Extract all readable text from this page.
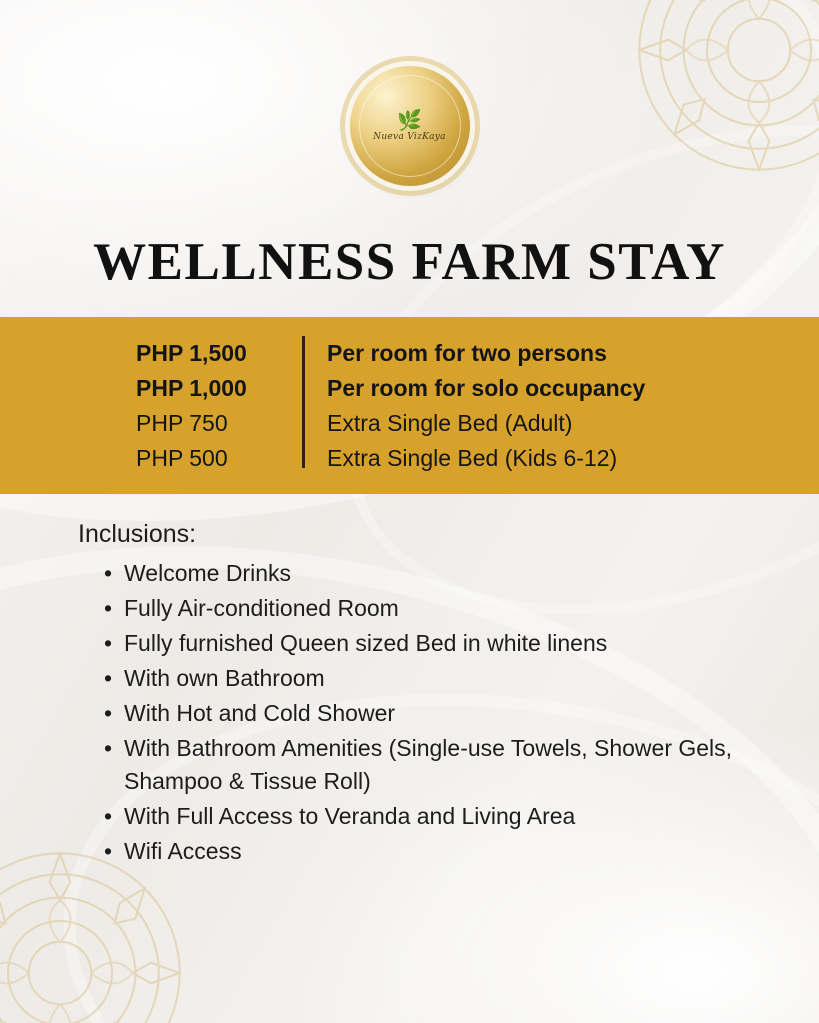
🌿
Nueva VizKaya
WELLNESS FARM STAY
PHP 1,500
PHP 1,000
PHP 750
PHP 500
Per room for two persons
Per room for solo occupancy
Extra Single Bed (Adult)
Extra Single Bed (Kids 6-12)
Inclusions:
• Welcome Drinks
• Fully Air-conditioned Room
• Fully furnished Queen sized Bed in white linens
• With own Bathroom
• With Hot and Cold Shower
• With Bathroom Amenities (Single-use Towels, Shower Gels, Shampoo & Tissue Roll)
• With Full Access to Veranda and Living Area
• Wifi Access
